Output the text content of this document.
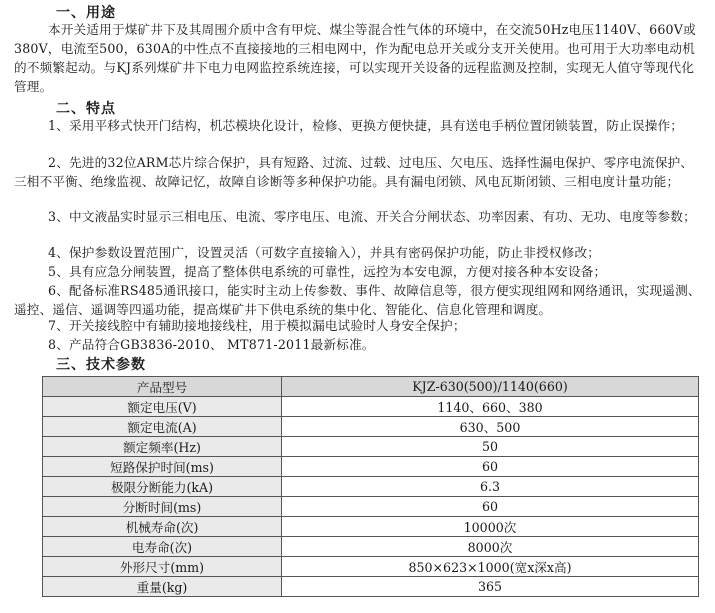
一、用途

本开关适用于煤矿井下及其周围介质中含有甲烷、煤尘等混合性气体的环境中，在交流50Hz电压1140V、660V或380V，电流至500，630A的中性点不直接接地的三相电网中，作为配电总开关或分支开关使用。也可用于大功率电动机的不频繁起动。与KJ系列煤矿井下电力电网监控系统连接，可以实现开关设备的远程监测及控制，实现无人值守等现代化管理。

二、特点

1、采用平移式快开门结构，机芯模块化设计，检修、更换方便快捷，具有送电手柄位置闭锁装置，防止误操作；

2、先进的32位ARM芯片综合保护，具有短路、过流、过载、过电压、欠电压、选择性漏电保护、零序电流保护、三相不平衡、绝缘监视、故障记忆，故障自诊断等多种保护功能。具有漏电闭锁、风电瓦斯闭锁、三相电度计量功能；

3、中文液晶实时显示三相电压、电流、零序电压、电流、开关合分闸状态、功率因素、有功、无功、电度等参数；

4、保护参数设置范围广，设置灵活（可数字直接输入），并具有密码保护功能，防止非授权修改；

5、具有应急分闸装置，提高了整体供电系统的可靠性，远控为本安电源，方便对接各种本安设备；

6、配备标准RS485通讯接口，能实时主动上传参数、事件、故障信息等，很方便实现组网和网络通讯，实现遥测、遥控、遥信、遥调等四遥功能，提高煤矿井下供电系统的集中化、智能化、信息化管理和调度。

7、开关接线腔中有辅助接地接线柱，用于模拟漏电试验时人身安全保护；

8、产品符合GB3836-2010、 MT871-2011最新标准。

三、技术参数
产品型号	KJZ-630(500)/1140(660)
额定电压(V)	1140、660、380
额定电流(A)	630、500
额定频率(Hz)	50
短路保护时间(ms)	60
极限分断能力(kA)	6.3
分断时间(ms)	60
机械寿命(次)	10000次
电寿命(次)	8000次
外形尺寸(mm)	850×623×1000(宽x深x高)
重量(kg)	365
